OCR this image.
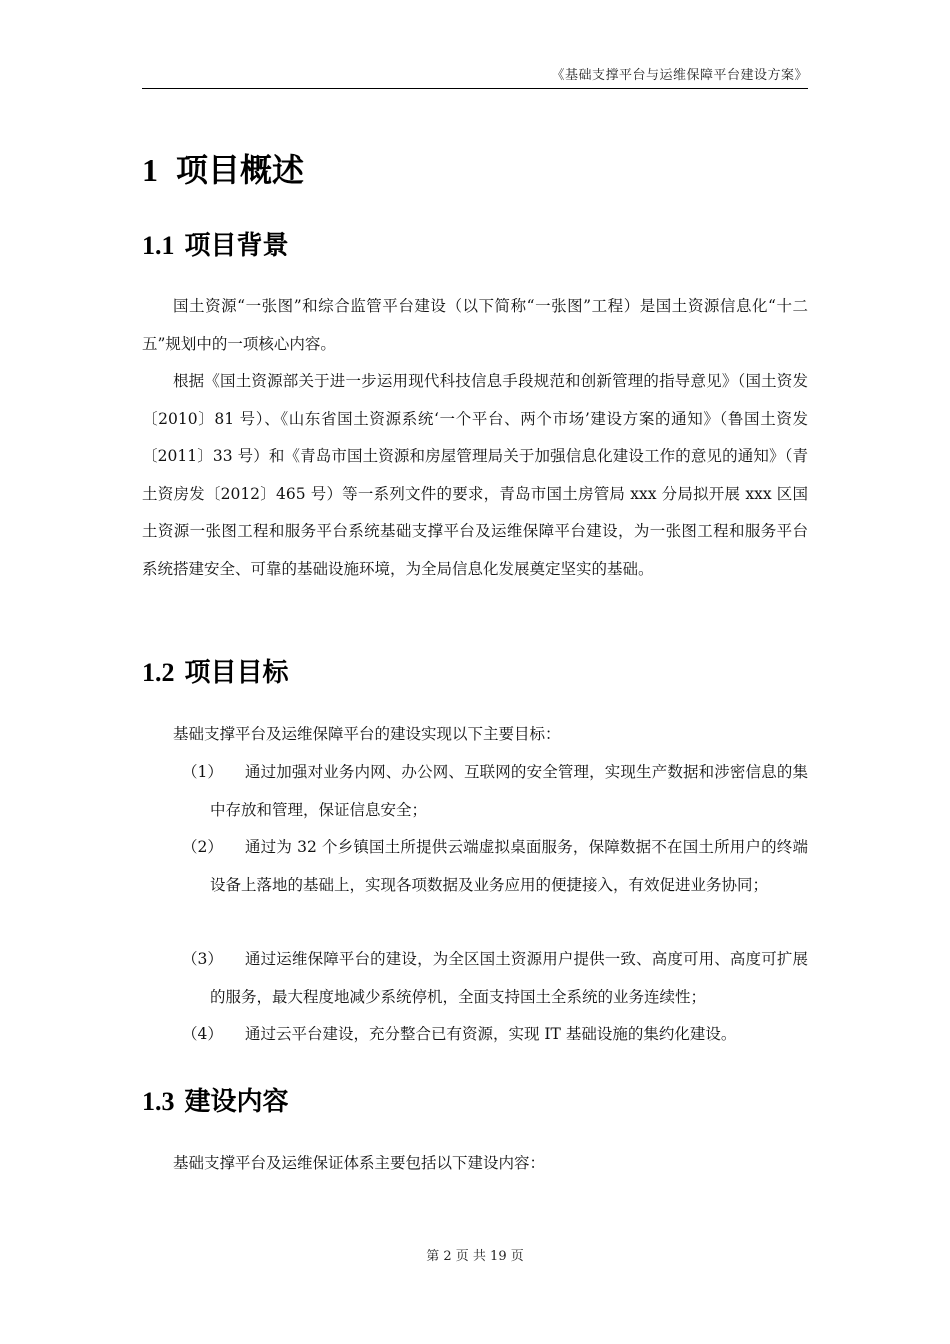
《基础支撑平台与运维保障平台建设方案》
1 项目概述
1.1 项目背景

国土资源“一张图”和综合监管平台建设（以下简称“一张图”工程）是国土资源信息化“十二五”规划中的一项核心内容。

根据《国土资源部关于进一步运用现代科技信息手段规范和创新管理的指导意见》（国土资发〔2010〕81 号）、《山东省国土资源系统‘一个平台、两个市场’建设方案的通知》（鲁国土资发〔2011〕33 号）和《青岛市国土资源和房屋管理局关于加强信息化建设工作的意见的通知》（青土资房发〔2012〕465 号）等一系列文件的要求，青岛市国土房管局 xxx 分局拟开展 xxx 区国土资源一张图工程和服务平台系统基础支撑平台及运维保障平台建设，为一张图工程和服务平台系统搭建安全、可靠的基础设施环境，为全局信息化发展奠定坚实的基础。

1.2 项目目标

基础支撑平台及运维保障平台的建设实现以下主要目标：

（1）	通过加强对业务内网、办公网、互联网的安全管理，实现生产数据和涉密信息的集中存放和管理，保证信息安全；
（2）	通过为 32 个乡镇国土所提供云端虚拟桌面服务，保障数据不在国土所用户的终端设备上落地的基础上，实现各项数据及业务应用的便捷接入，有效促进业务协同；
（3）	通过运维保障平台的建设，为全区国土资源用户提供一致、高度可用、高度可扩展的服务，最大程度地减少系统停机，全面支持国土全系统的业务连续性；
（4）	通过云平台建设，充分整合已有资源，实现 IT 基础设施的集约化建设。
1.3 建设内容

基础支撑平台及运维保证体系主要包括以下建设内容：

第 2 页 共 19 页
